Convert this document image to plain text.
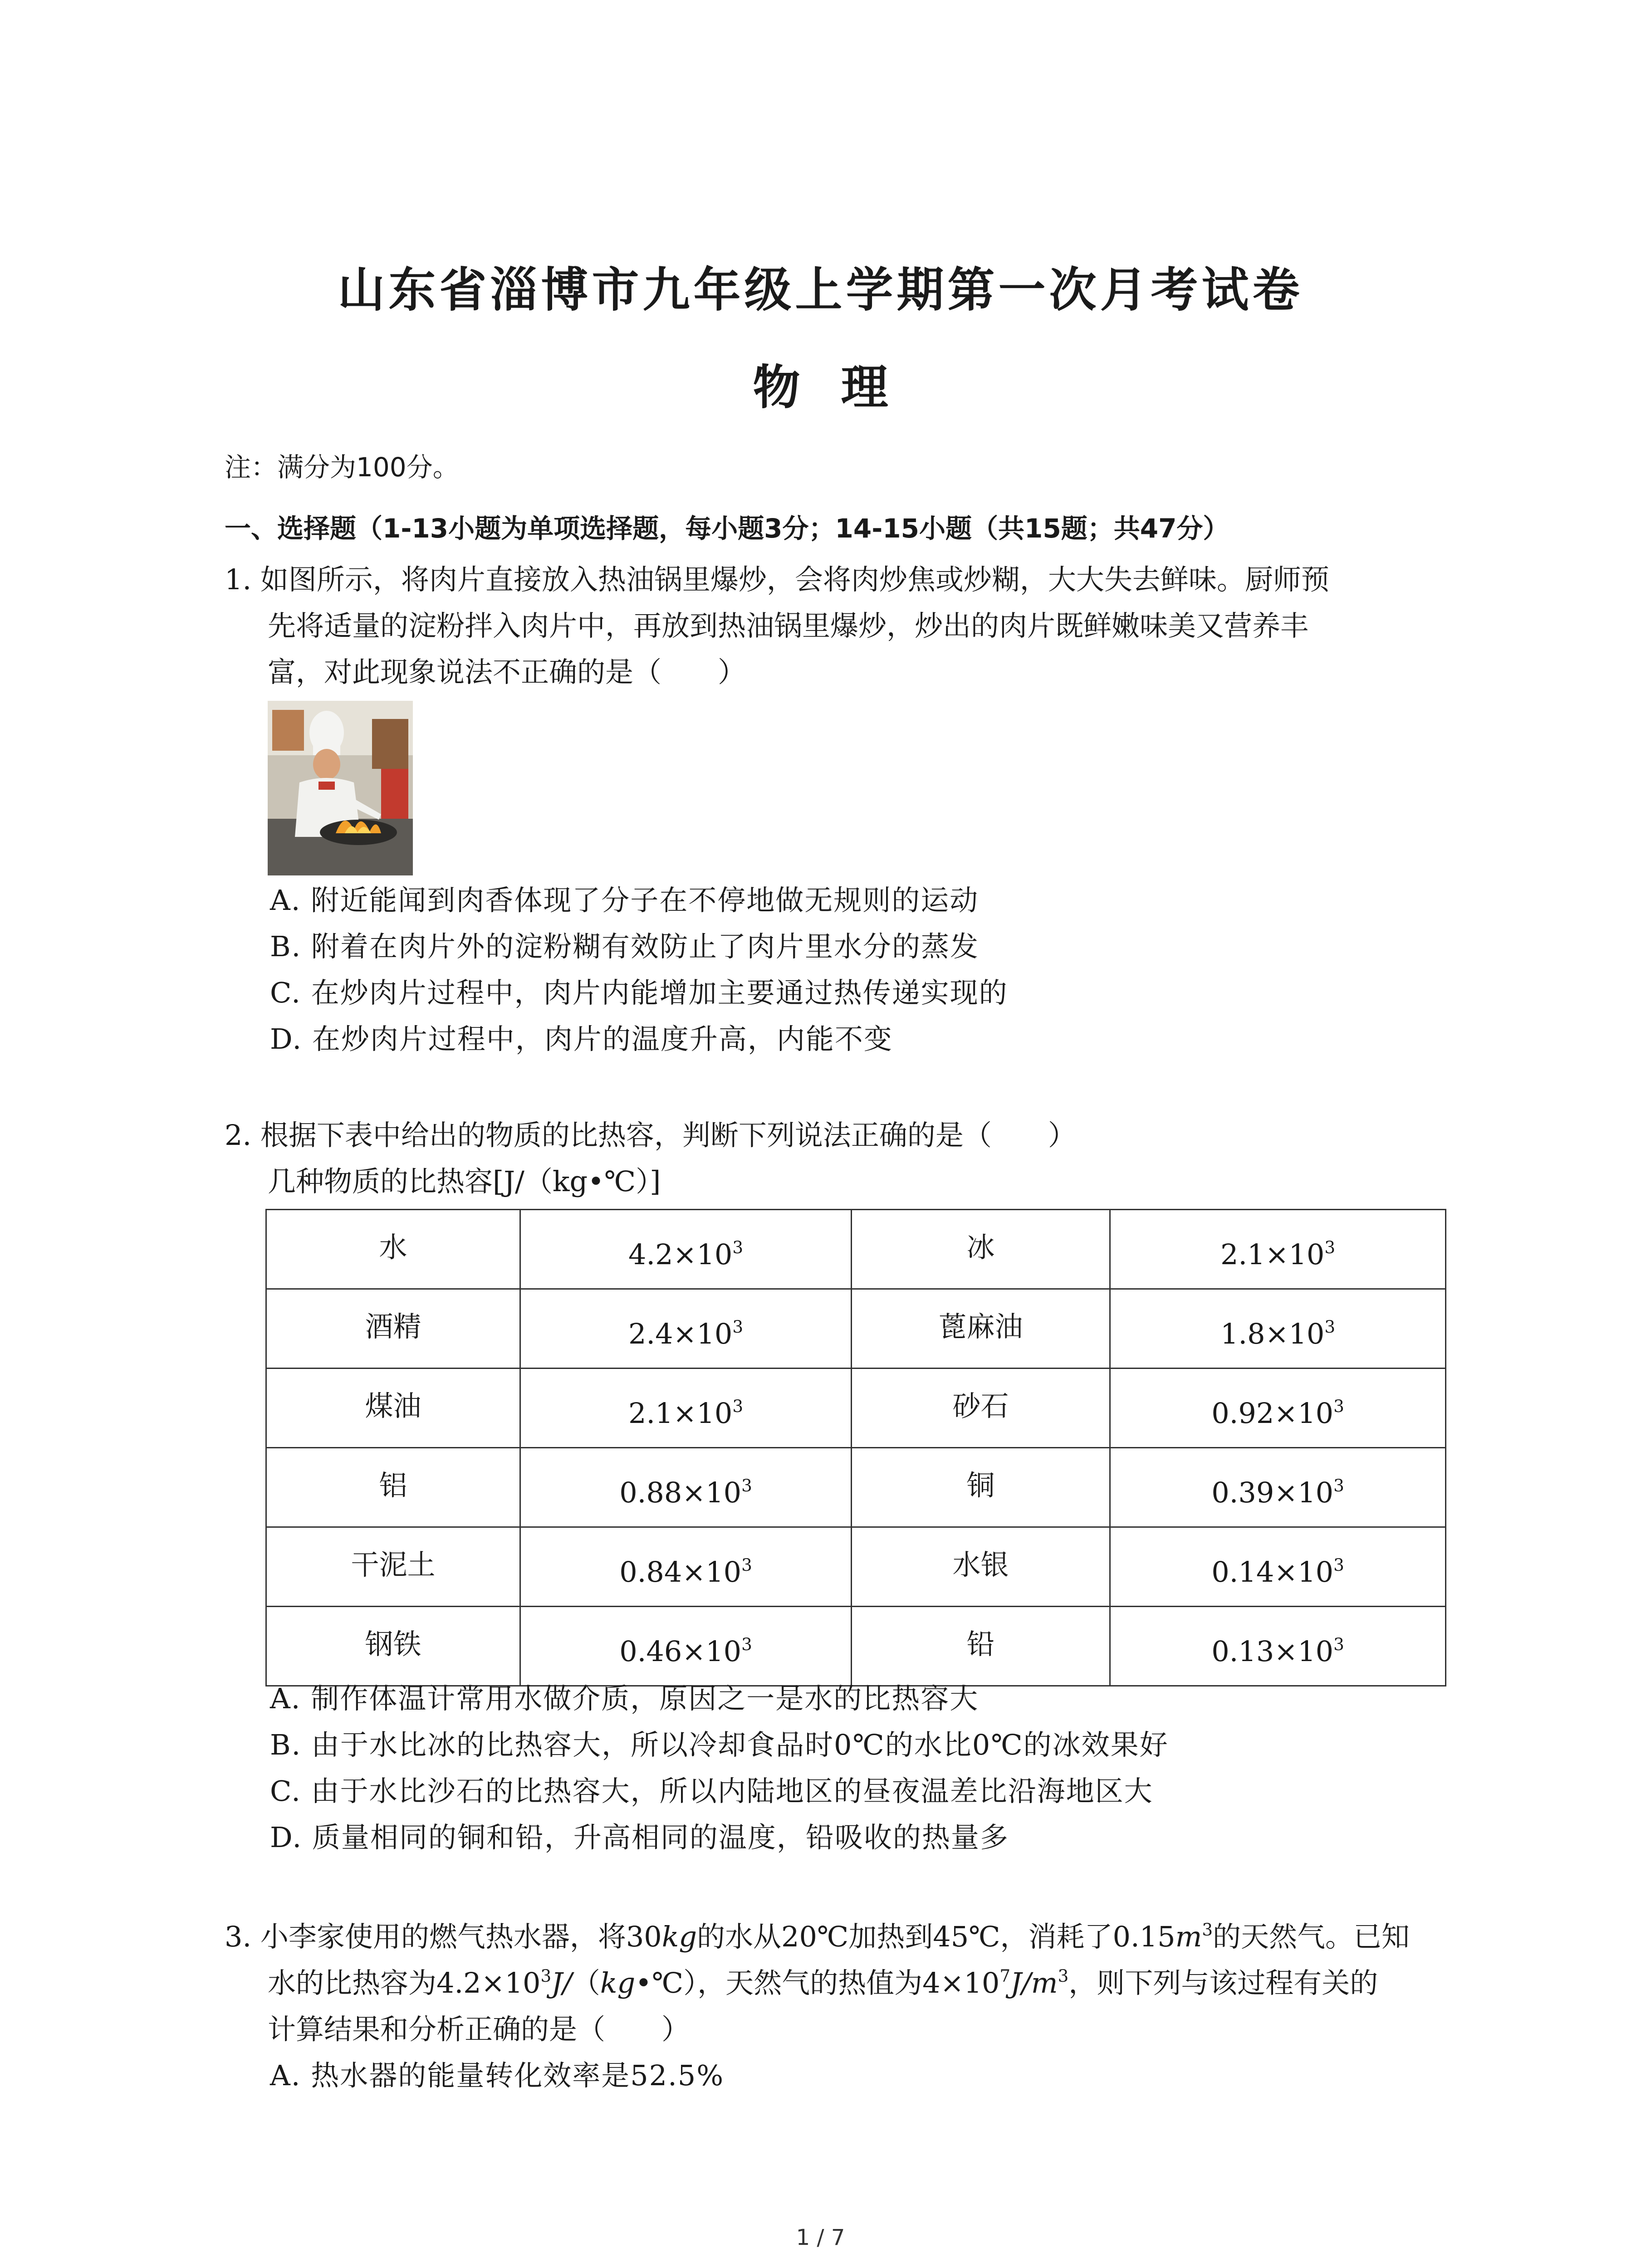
山东省淄博市九年级上学期第一次月考试卷
物理
注：满分为100分。
一、选择题（1-13小题为单项选择题，每小题3分；14-15小题（共15题；共47分）
1. 如图所示，将肉片直接放入热油锅里爆炒，会将肉炒焦或炒糊，大大失去鲜味。厨师预
先将适量的淀粉拌入肉片中，再放到热油锅里爆炒，炒出的肉片既鲜嫩味美又营养丰
富，对此现象说法不正确的是（　　）
A. 附近能闻到肉香体现了分子在不停地做无规则的运动
B. 附着在肉片外的淀粉糊有效防止了肉片里水分的蒸发
C. 在炒肉片过程中，肉片内能增加主要通过热传递实现的
D. 在炒肉片过程中，肉片的温度升高，内能不变
2. 根据下表中给出的物质的比热容，判断下列说法正确的是（　　）
几种物质的比热容[J/（kg•℃）]
水	$4.2\times 10^3$	冰	$2.1\times 10^3$
酒精	$2.4\times 10^3$	蓖麻油	$1.8\times 10^3$
煤油	$2.1\times 10^3$	砂石	$0.92\times 10^3$
铝	$0.88\times 10^3$	铜	$0.39\times 10^3$
干泥土	$0.84\times 10^3$	水银	$0.14\times 10^3$
钢铁	$0.46\times 10^3$	铅	$0.13\times 10^3$
A. 制作体温计常用水做介质，原因之一是水的比热容大
B. 由于水比冰的比热容大，所以冷却食品时0℃的水比0℃的冰效果好
C. 由于水比沙石的比热容大，所以内陆地区的昼夜温差比沿海地区大
D. 质量相同的铜和铅，升高相同的温度，铅吸收的热量多
3. 小李家使用的燃气热水器，将30kg的水从20℃加热到45℃，消耗了$0.15m^3$的天然气。已知
水的比热容为$4.2\times 10^3J/(kg•℃)$，天然气的热值为$4\times 10^7J/m^3$，则下列与该过程有关的
计算结果和分析正确的是（　　）
A. 热水器的能量转化效率是52.5%
1 / 7
